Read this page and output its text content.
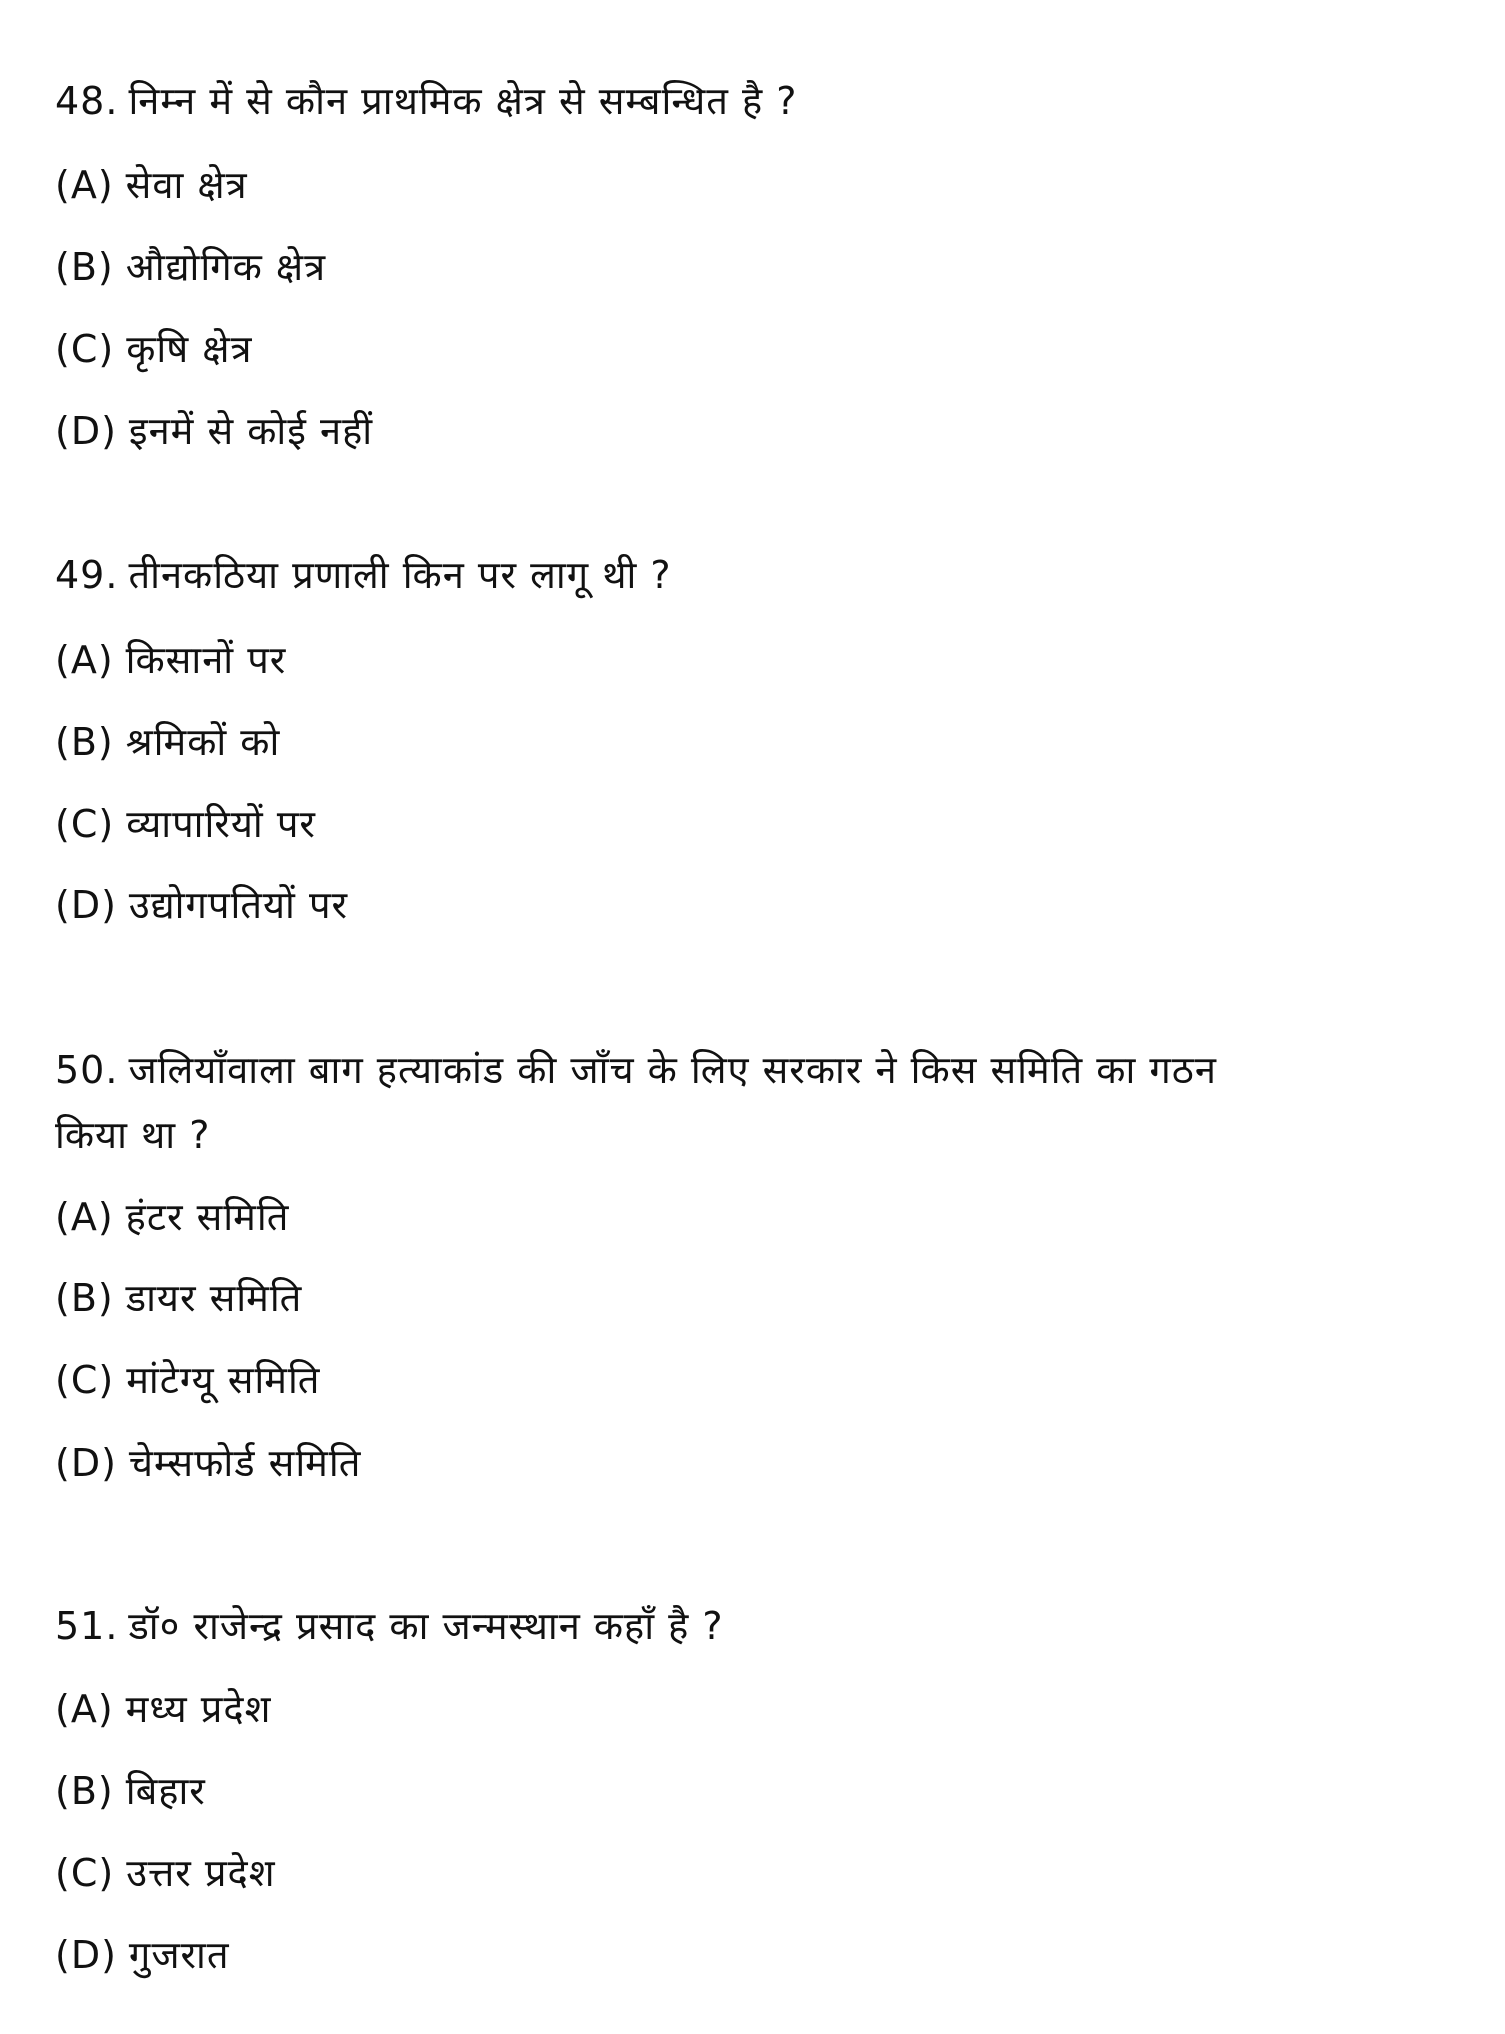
48. निम्न में से कौन प्राथमिक क्षेत्र से सम्बन्धित है ?
(A) सेवा क्षेत्र
(B) औद्योगिक क्षेत्र
(C) कृषि क्षेत्र
(D) इनमें से कोई नहीं
49. तीनकठिया प्रणाली किन पर लागू थी ?
(A) किसानों पर
(B) श्रमिकों को
(C) व्यापारियों पर
(D) उद्योगपतियों पर
50. जलियाँवाला बाग हत्याकांड की जाँच के लिए सरकार ने किस समिति का गठन
किया था ?
(A) हंटर समिति
(B) डायर समिति
(C) मांटेग्यू समिति
(D) चेम्सफोर्ड समिति
51. डॉ० राजेन्द्र प्रसाद का जन्मस्थान कहाँ है ?
(A) मध्य प्रदेश
(B) बिहार
(C) उत्तर प्रदेश
(D) गुजरात
